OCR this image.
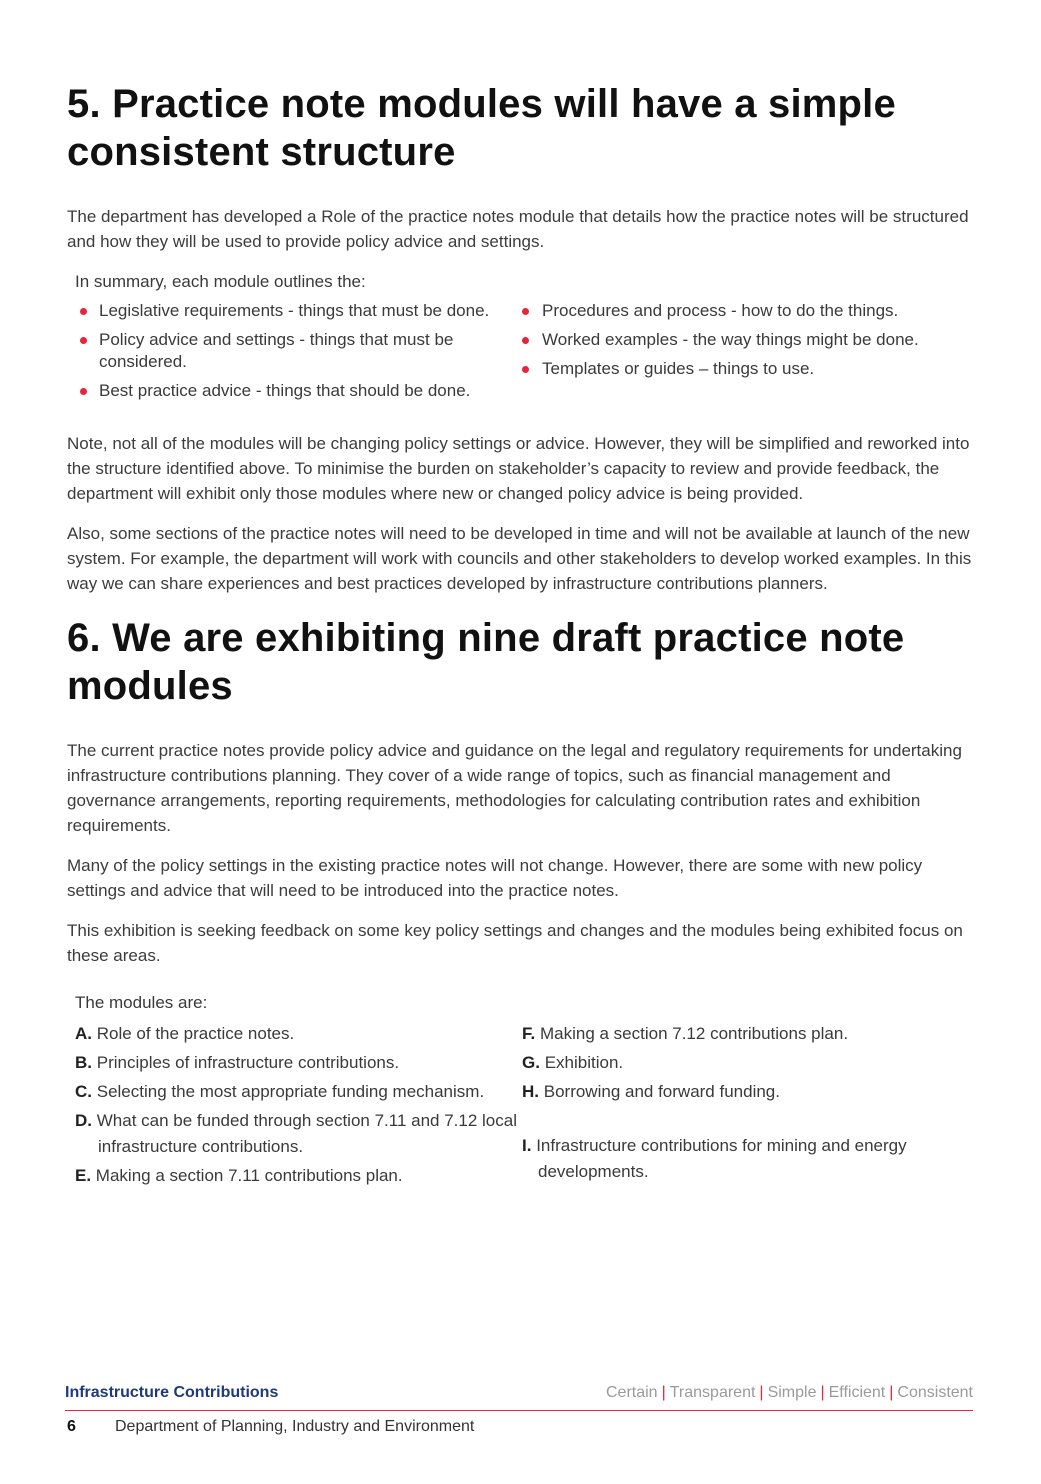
5. Practice note modules will have a simple consistent structure

The department has developed a Role of the practice notes module that details how the practice notes will be structured and how they will be used to provide policy advice and settings.

In summary, each module outlines the:
Legislative requirements - things that must be done.
Policy advice and settings - things that must be considered.
Best practice advice - things that should be done.
Procedures and process - how to do the things.
Worked examples - the way things might be done.
Templates or guides – things to use.

Note, not all of the modules will be changing policy settings or advice. However, they will be simplified and reworked into the structure identified above. To minimise the burden on stakeholder’s capacity to review and provide feedback, the department will exhibit only those modules where new or changed policy advice is being provided.

Also, some sections of the practice notes will need to be developed in time and will not be available at launch of the new system. For example, the department will work with councils and other stakeholders to develop worked examples. In this way we can share experiences and best practices developed by infrastructure contributions planners.

6. We are exhibiting nine draft practice note modules

The current practice notes provide policy advice and guidance on the legal and regulatory requirements for undertaking infrastructure contributions planning. They cover of a wide range of topics, such as financial management and governance arrangements, reporting requirements, methodologies for calculating contribution rates and exhibition requirements.

Many of the policy settings in the existing practice notes will not change. However, there are some with new policy settings and advice that will need to be introduced into the practice notes.

This exhibition is seeking feedback on some key policy settings and changes and the modules being exhibited focus on these areas.

The modules are:
A. Role of the practice notes.
B. Principles of infrastructure contributions.
C. Selecting the most appropriate funding mechanism.
D. What can be funded through section 7.11 and 7.12 local infrastructure contributions.
E. Making a section 7.11 contributions plan.
F. Making a section 7.12 contributions plan.
G. Exhibition.
H. Borrowing and forward funding.
I. Infrastructure contributions for mining and energy developments.
Infrastructure Contributions	Certain | Transparent | Simple | Efficient | Consistent
6 Department of Planning, Industry and Environment
